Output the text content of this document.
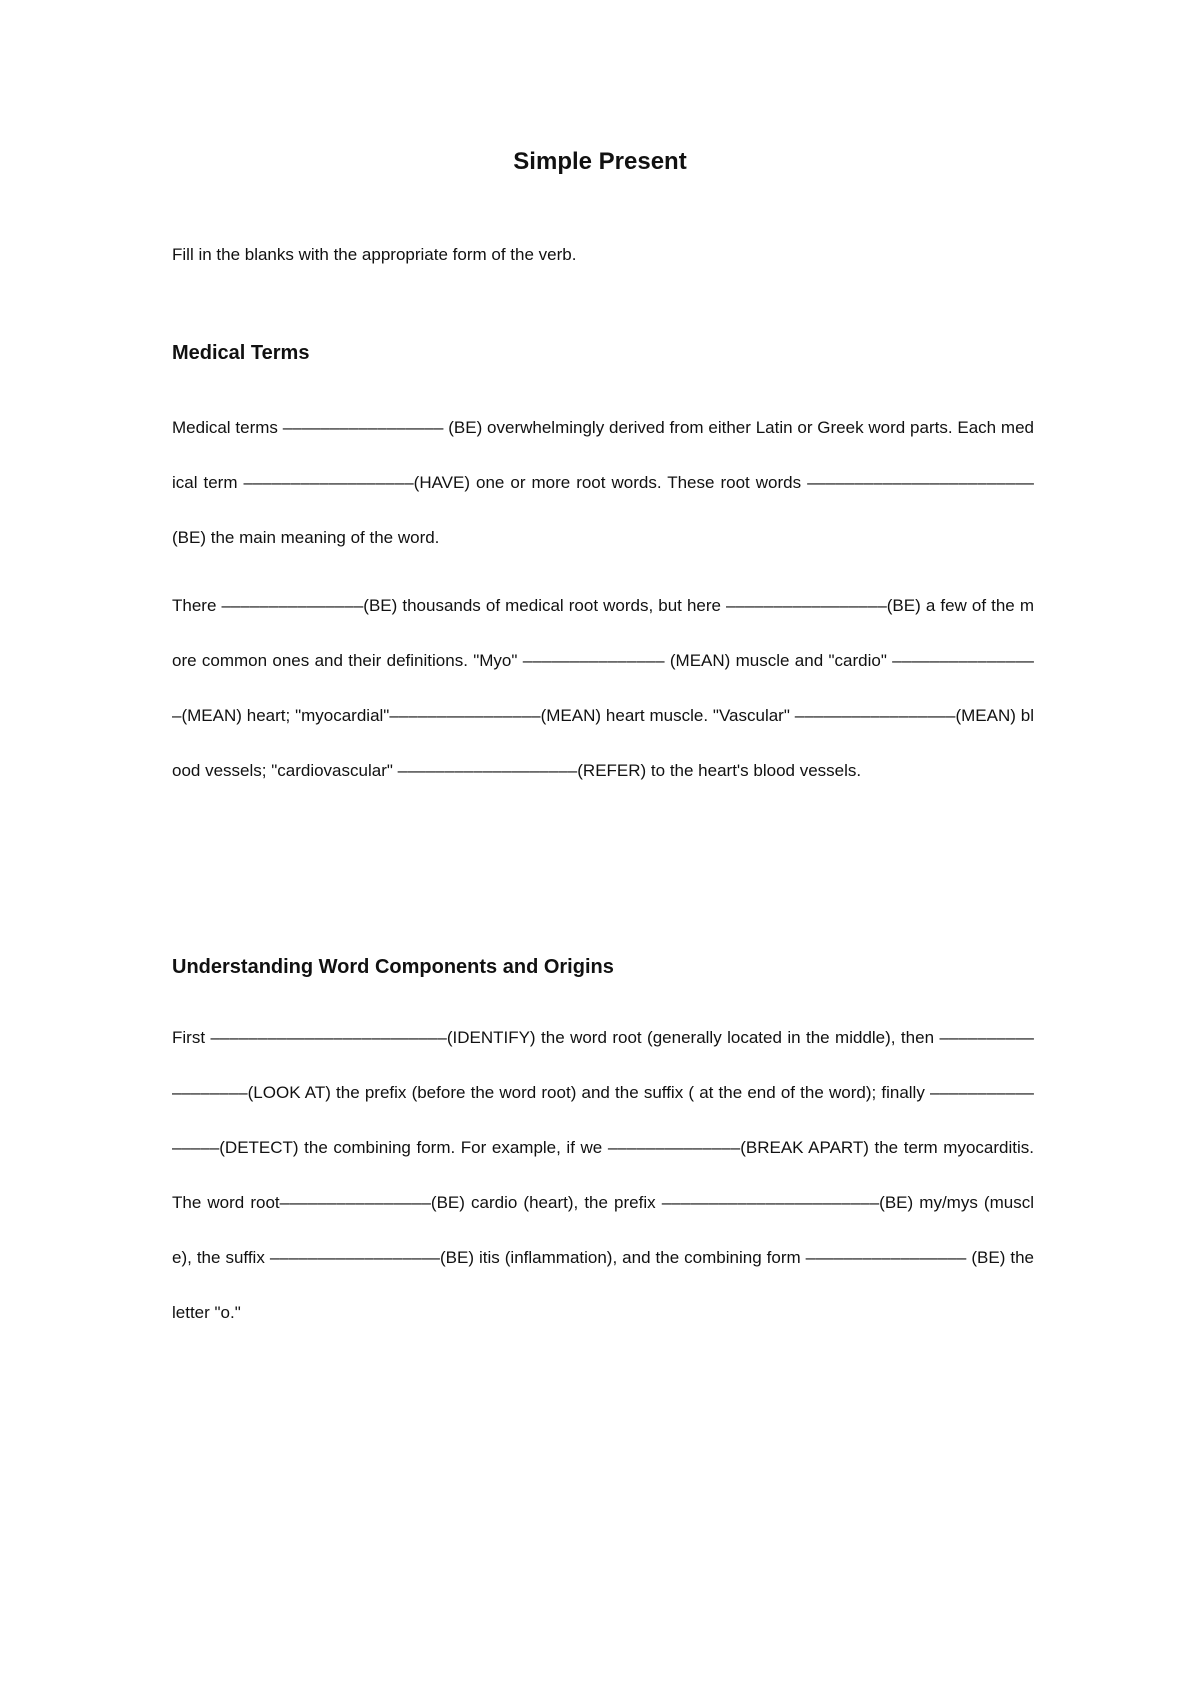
Simple Present

Fill in the blanks with the appropriate form of the verb.

Medical Terms

Medical terms ––––––––––––––––– (BE) overwhelmingly derived from either Latin or Greek word parts. Each medical term ––––––––––––––––––(HAVE) one or more root words. These root words ––––––––––––––––––––––––(BE) the main meaning of the word.

There –––––––––––––––(BE) thousands of medical root words, but here –––––––––––––––––(BE) a few of the more common ones and their definitions. "Myo" ––––––––––––––– (MEAN) muscle and "cardio" ––––––––––––––––(MEAN) heart; "myocardial"––––––––––––––––(MEAN) heart muscle. "Vascular" –––––––––––––––––(MEAN) blood vessels; "cardiovascular" –––––––––––––––––––(REFER) to the heart's blood vessels.

Understanding Word Components and Origins

First –––––––––––––––––––––––––(IDENTIFY) the word root (generally located in the middle), then ––––––––––––––––––(LOOK AT) the prefix (before the word root) and the suffix ( at the end of the word); finally ––––––––––––––––(DETECT) the combining form. For example, if we ––––––––––––––(BREAK APART) the term myocarditis. The word root––––––––––––––––(BE) cardio (heart), the prefix –––––––––––––––––––––––(BE) my/mys (muscle), the suffix ––––––––––––––––––(BE) itis (inflammation), and the combining form ––––––––––––––––– (BE) the letter "o."
